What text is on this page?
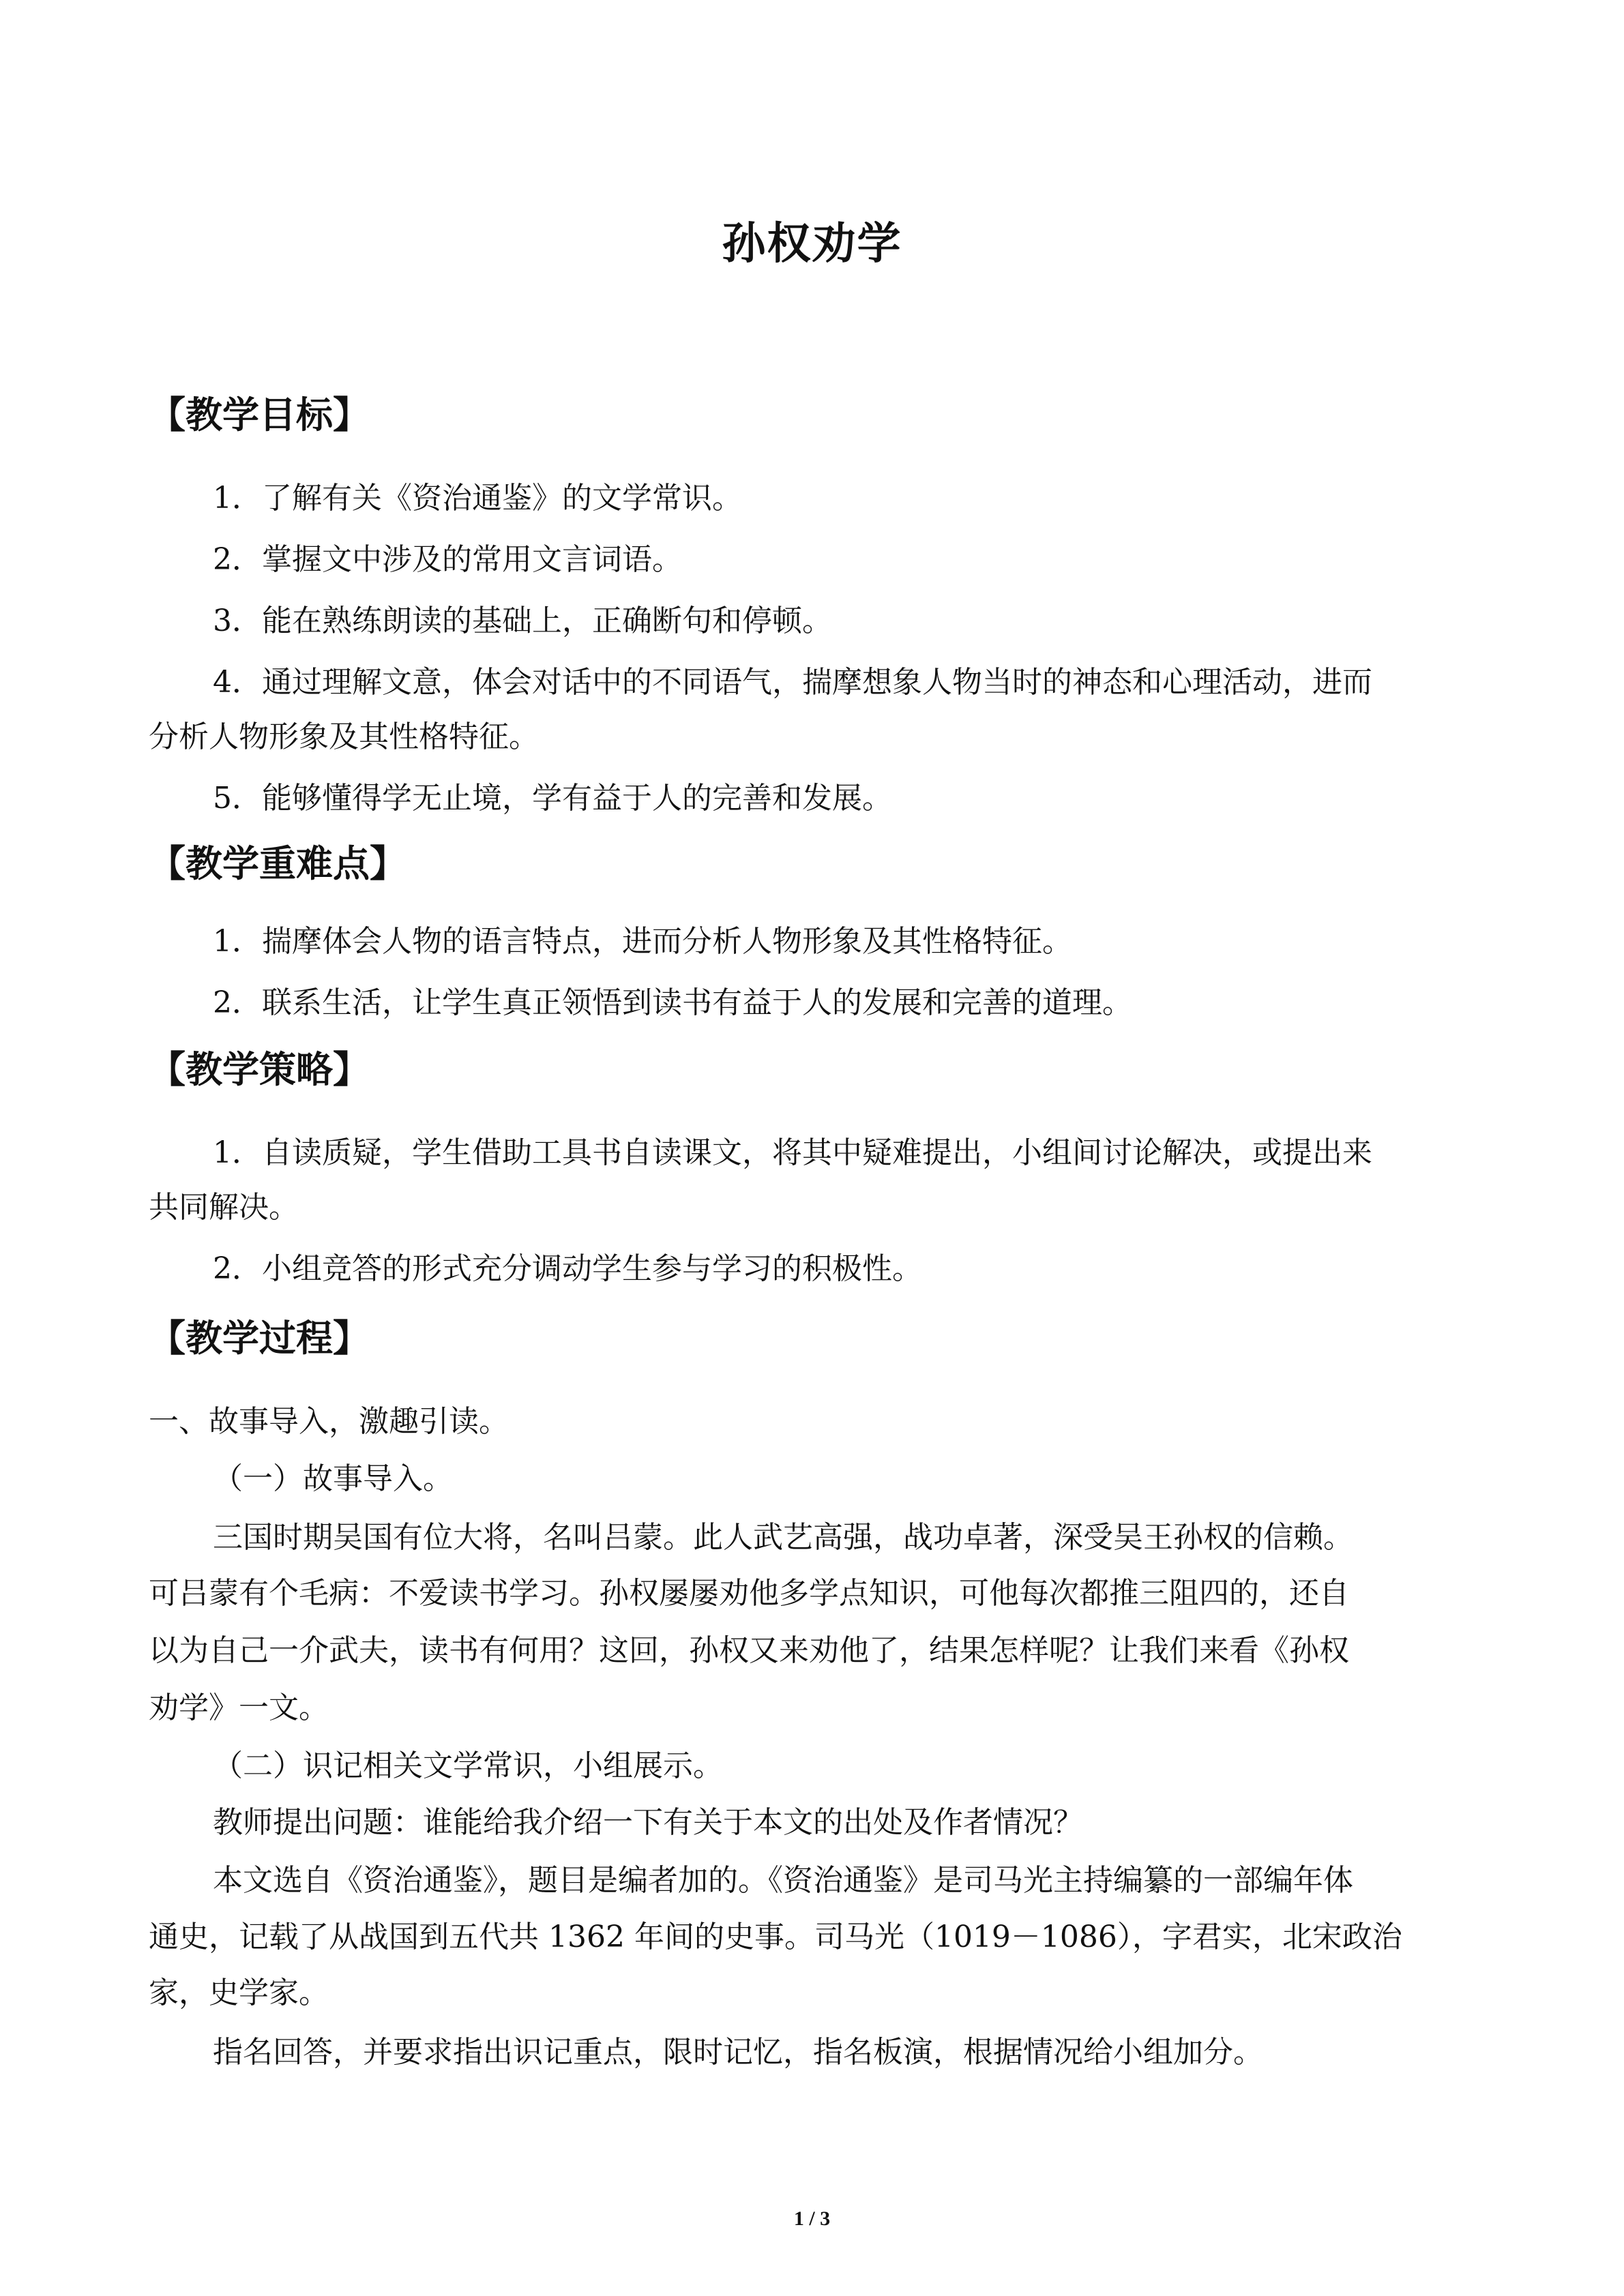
孙权劝学
【教学目标】
1．了解有关《资治通鉴》的文学常识。
2．掌握文中涉及的常用文言词语。
3．能在熟练朗读的基础上，正确断句和停顿。
4．通过理解文意，体会对话中的不同语气，揣摩想象人物当时的神态和心理活动，进而
分析人物形象及其性格特征。
5．能够懂得学无止境，学有益于人的完善和发展。
【教学重难点】
1．揣摩体会人物的语言特点，进而分析人物形象及其性格特征。
2．联系生活，让学生真正领悟到读书有益于人的发展和完善的道理。
【教学策略】
1．自读质疑，学生借助工具书自读课文，将其中疑难提出，小组间讨论解决，或提出来
共同解决。
2．小组竞答的形式充分调动学生参与学习的积极性。
【教学过程】
一、故事导入，激趣引读。
（一）故事导入。
三国时期吴国有位大将，名叫吕蒙。此人武艺高强，战功卓著，深受吴王孙权的信赖。
可吕蒙有个毛病：不爱读书学习。孙权屡屡劝他多学点知识，可他每次都推三阻四的，还自
以为自己一介武夫，读书有何用？这回，孙权又来劝他了，结果怎样呢？让我们来看《孙权
劝学》一文。
（二）识记相关文学常识，小组展示。
教师提出问题：谁能给我介绍一下有关于本文的出处及作者情况？
本文选自《资治通鉴》，题目是编者加的。《资治通鉴》是司马光主持编纂的一部编年体
通史，记载了从战国到五代共 1362 年间的史事。司马光（1019－1086），字君实，北宋政治
家，史学家。
指名回答，并要求指出识记重点，限时记忆，指名板演，根据情况给小组加分。
1 / 3
